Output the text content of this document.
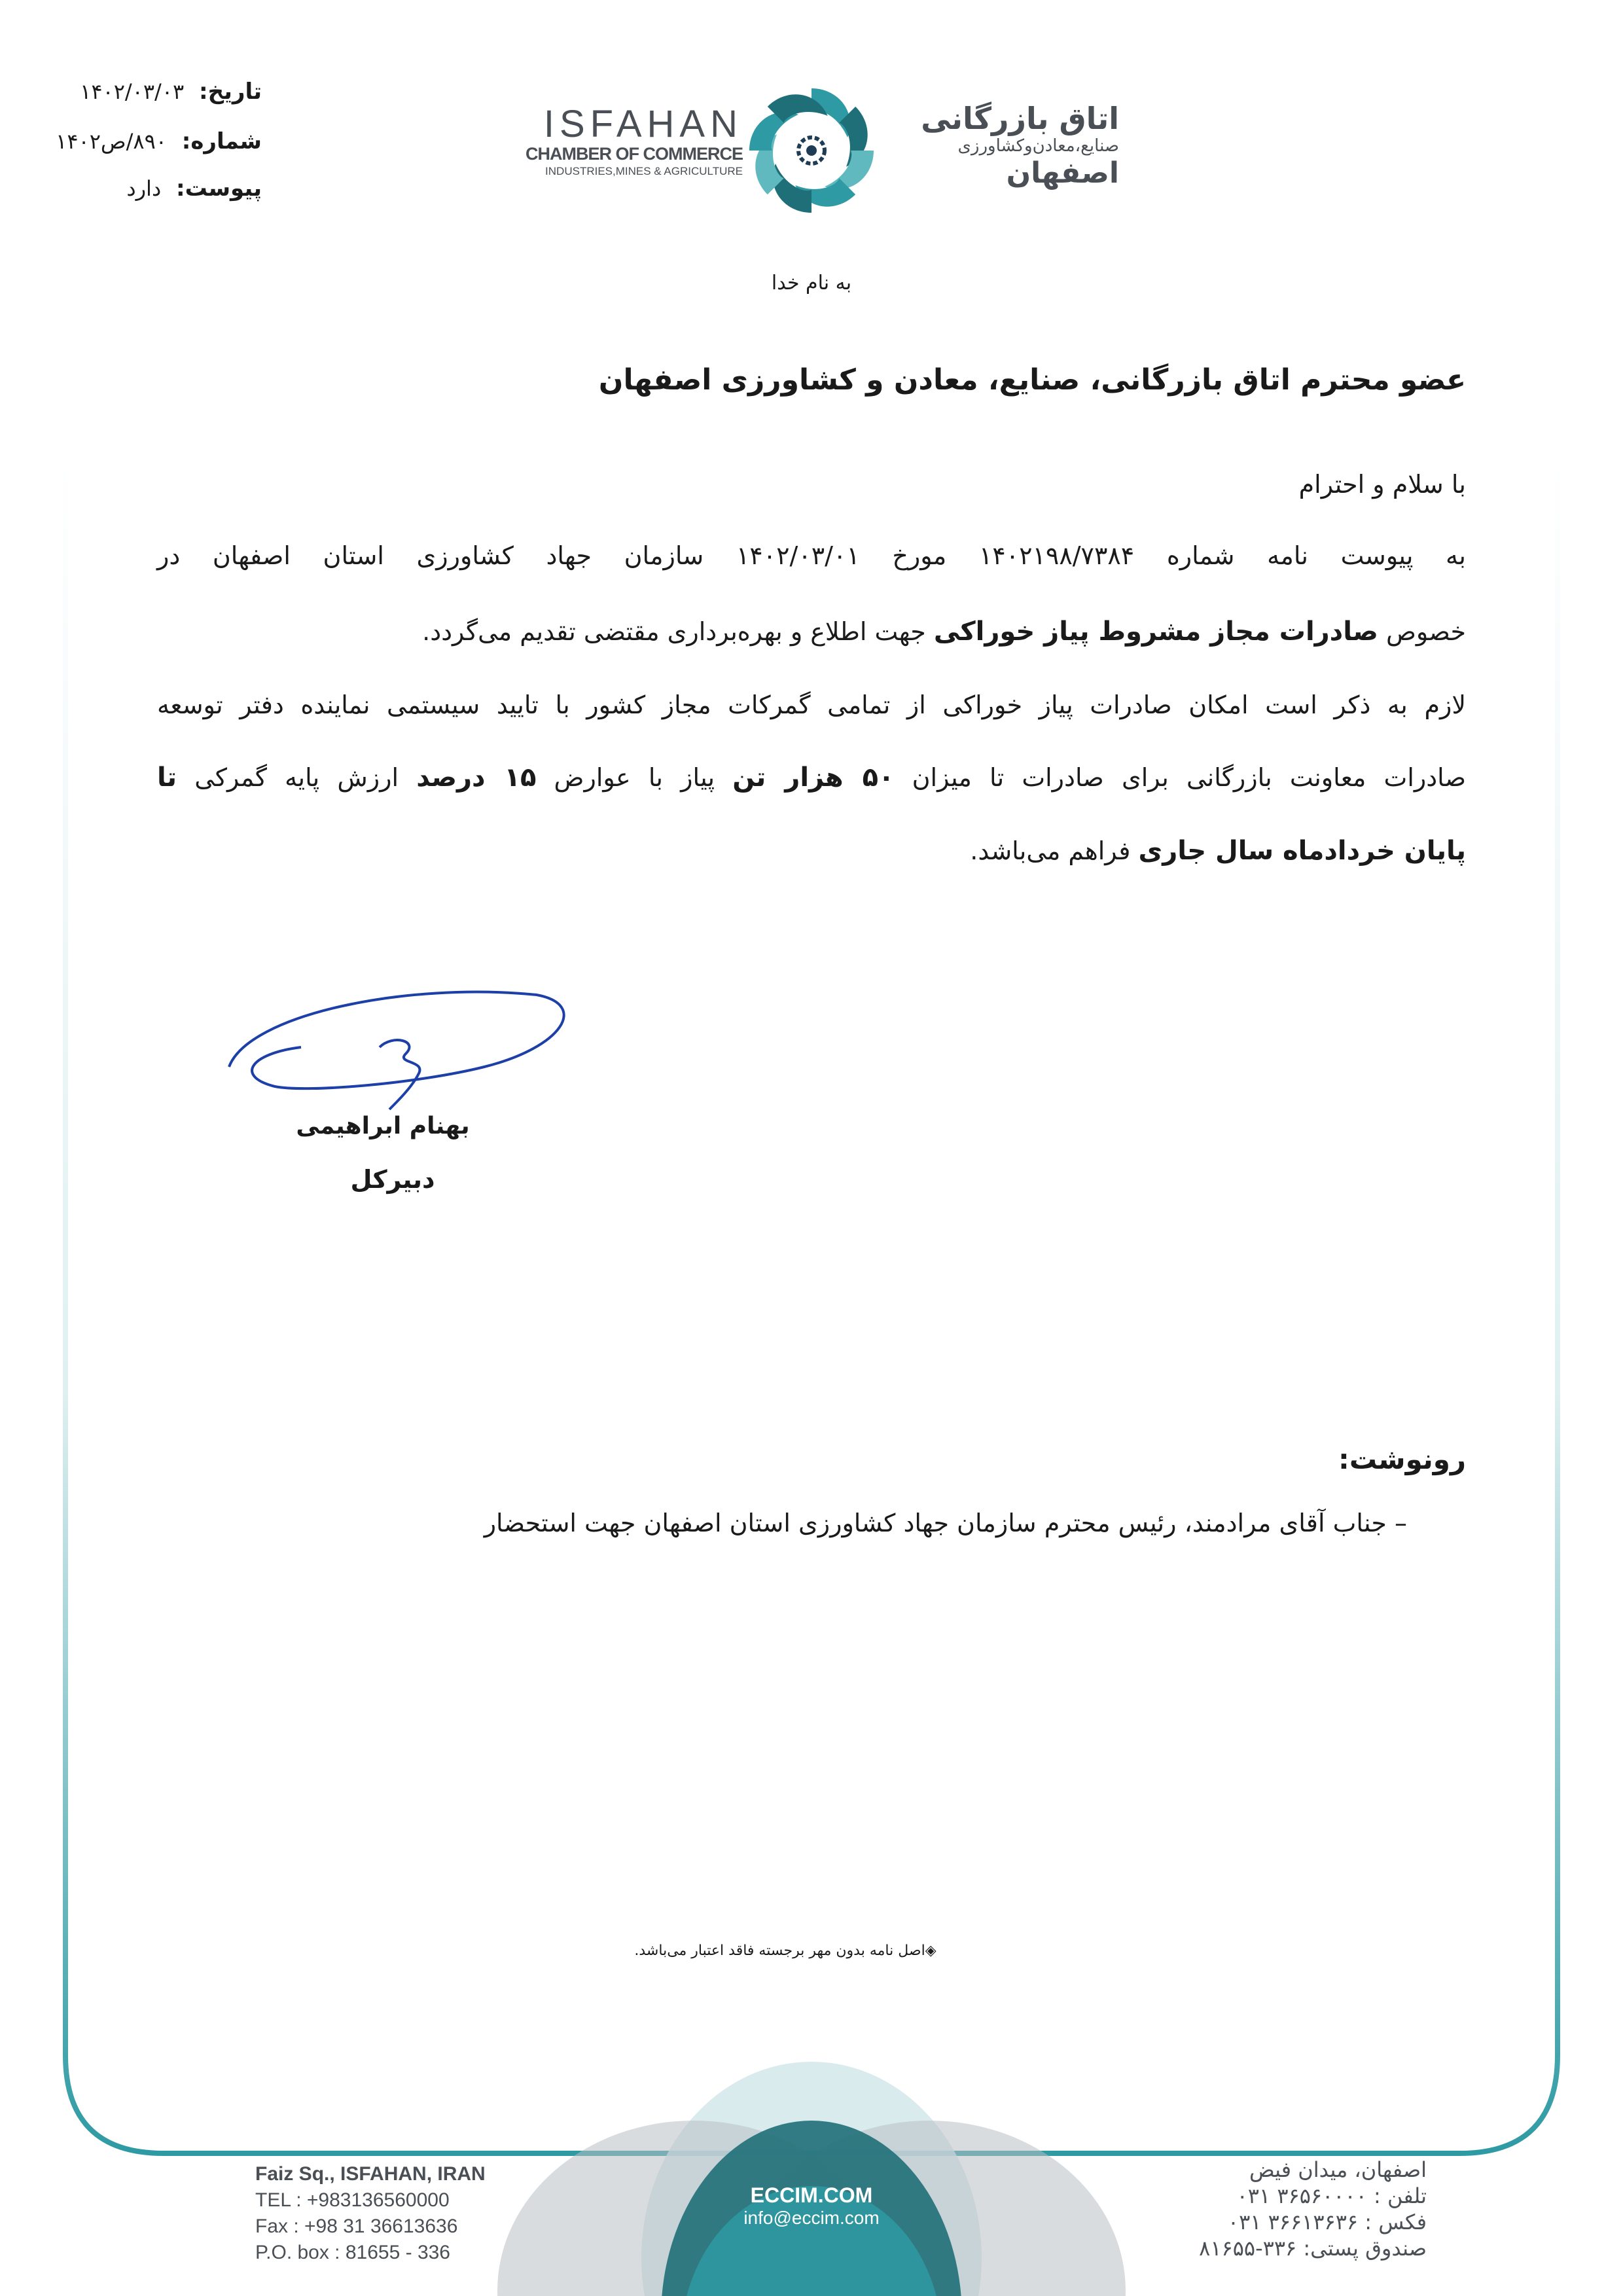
تاریخ: ۱۴۰۲/۰۳/۰۳
شماره: ۸۹۰/ص۱۴۰۲
پیوست: دارد
ISFAHAN
CHAMBER OF COMMERCE
INDUSTRIES,MINES & AGRICULTURE
اتاق بازرگانی
صنایع،معادن‌وکشاورزی
اصفهان
به نام خدا
عضو محترم اتاق بازرگانی، صنایع، معادن و کشاورزی اصفهان
با سلام و احترام
به پیوست نامه شماره ۱۴۰۲۱۹۸/۷۳۸۴ مورخ ۱۴۰۲/۰۳/۰۱ سازمان جهاد کشاورزی استان اصفهان در
خصوص صادرات مجاز مشروط پیاز خوراکی جهت اطلاع و بهره‌برداری مقتضی تقدیم می‌گردد.
لازم به ذکر است امکان صادرات پیاز خوراکی از تمامی گمرکات مجاز کشور با تایید سیستمی نماینده دفتر توسعه
صادرات معاونت بازرگانی برای صادرات تا میزان ۵۰ هزار تن پیاز با عوارض ۱۵ درصد ارزش پایه گمرکی تا
پایان خردادماه سال جاری فراهم می‌باشد.
بهنام ابراهیمی
دبیرکل
رونوشت:
– جناب آقای مرادمند، رئیس محترم سازمان جهاد کشاورزی استان اصفهان جهت استحضار
◈اصل نامه بدون مهر برجسته فاقد اعتبار می‌باشد.
Faiz Sq., ISFAHAN, IRAN
TEL : +983136560000
Fax : +98 31 36613636
P.O. box : 81655 - 336
ECCIM.COM
info@eccim.com
اصفهان، میدان فیض
تلفن : ۳۶۵۶۰۰۰۰ ۰۳۱
فکس : ۳۶۶۱۳۶۳۶ ۰۳۱
صندوق پستی: ۳۳۶-۸۱۶۵۵
